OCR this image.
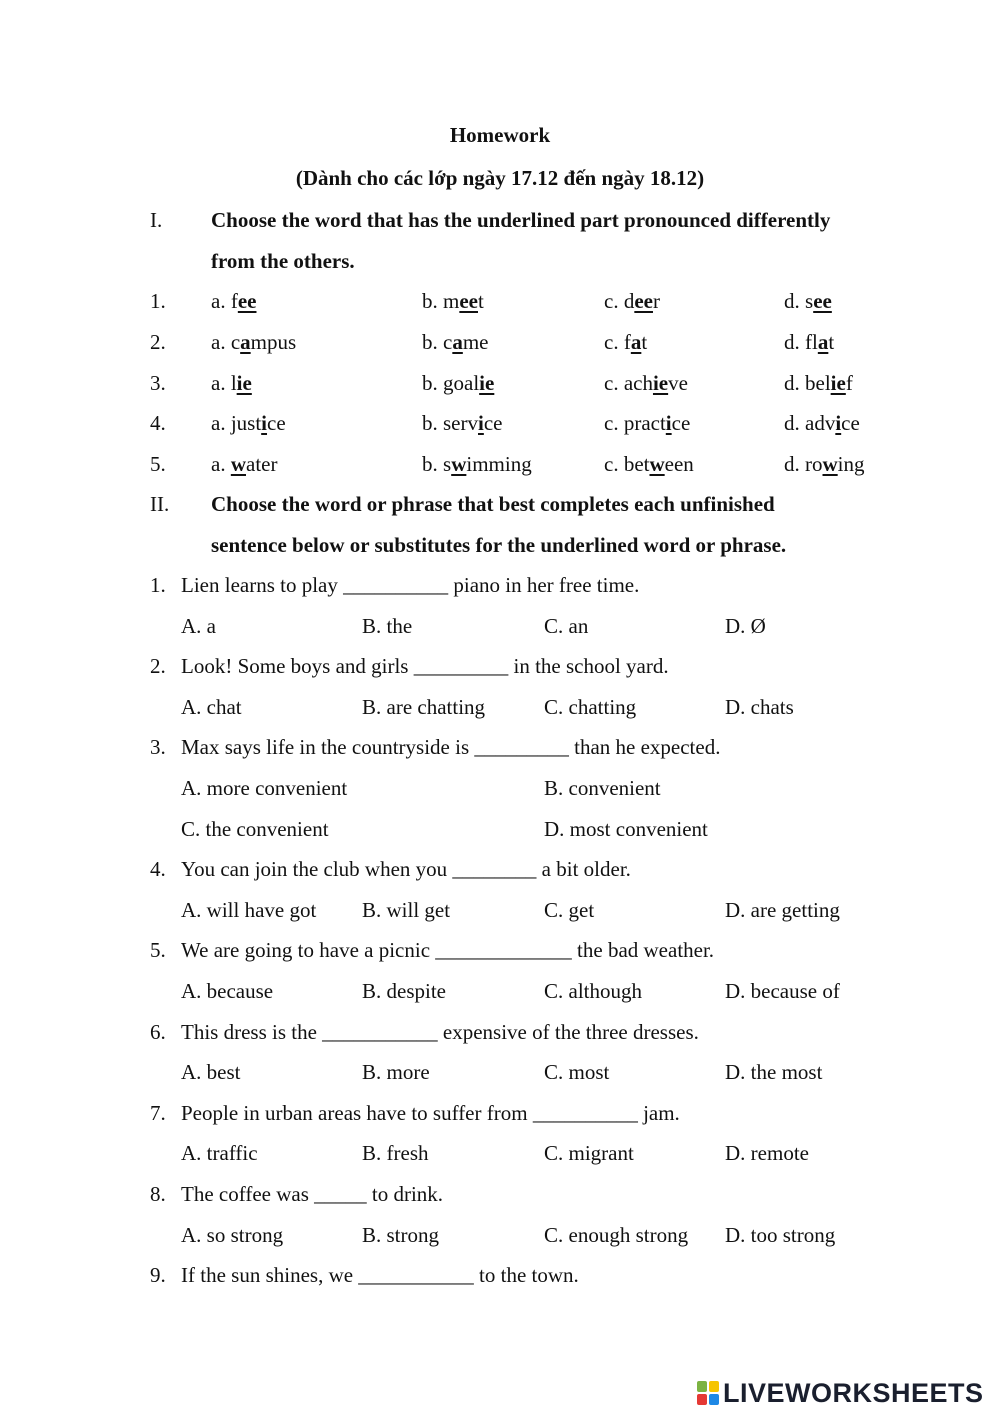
Homework
(Dành cho các lớp ngày 17.12 đến ngày 18.12)
I. Choose the word that has the underlined part pronounced differently
from the others.
1. a. fee	b. meet	c. deer	d. see
2. a. campus	b. came	c. fat	d. flat
3. a. lie	b. goalie	c. achieve	d. belief
4. a. justice	b. service	c. practice	d. advice
5. a. water	b. swimming	c. between	d. rowing
II. Choose the word or phrase that best completes each unfinished
sentence below or substitutes for the underlined word or phrase.
1. Lien learns to play __________ piano in her free time.
A. a	B. the	C. an	D. Ø
2. Look! Some boys and girls _________ in the school yard.
A. chat	B. are chatting	C. chatting	D. chats
3. Max says life in the countryside is _________ than he expected.
A. more convenient	B. convenient
C. the convenient	D. most convenient
4. You can join the club when you ________ a bit older.
A. will have got B. will get	C. get	D. are getting
5. We are going to have a picnic _____________ the bad weather.
A. because	B. despite	C. although	D. because of
6. This dress is the ___________ expensive of the three dresses.
A. best	B. more	C. most	D. the most
7. People in urban areas have to suffer from __________ jam.
A. traffic	B. fresh	C. migrant	D. remote
8. The coffee was _____ to drink.
A. so strong	B. strong	C. enough strong D. too strong
9. If the sun shines, we ___________ to the town.
LIVEWORKSHEETS
